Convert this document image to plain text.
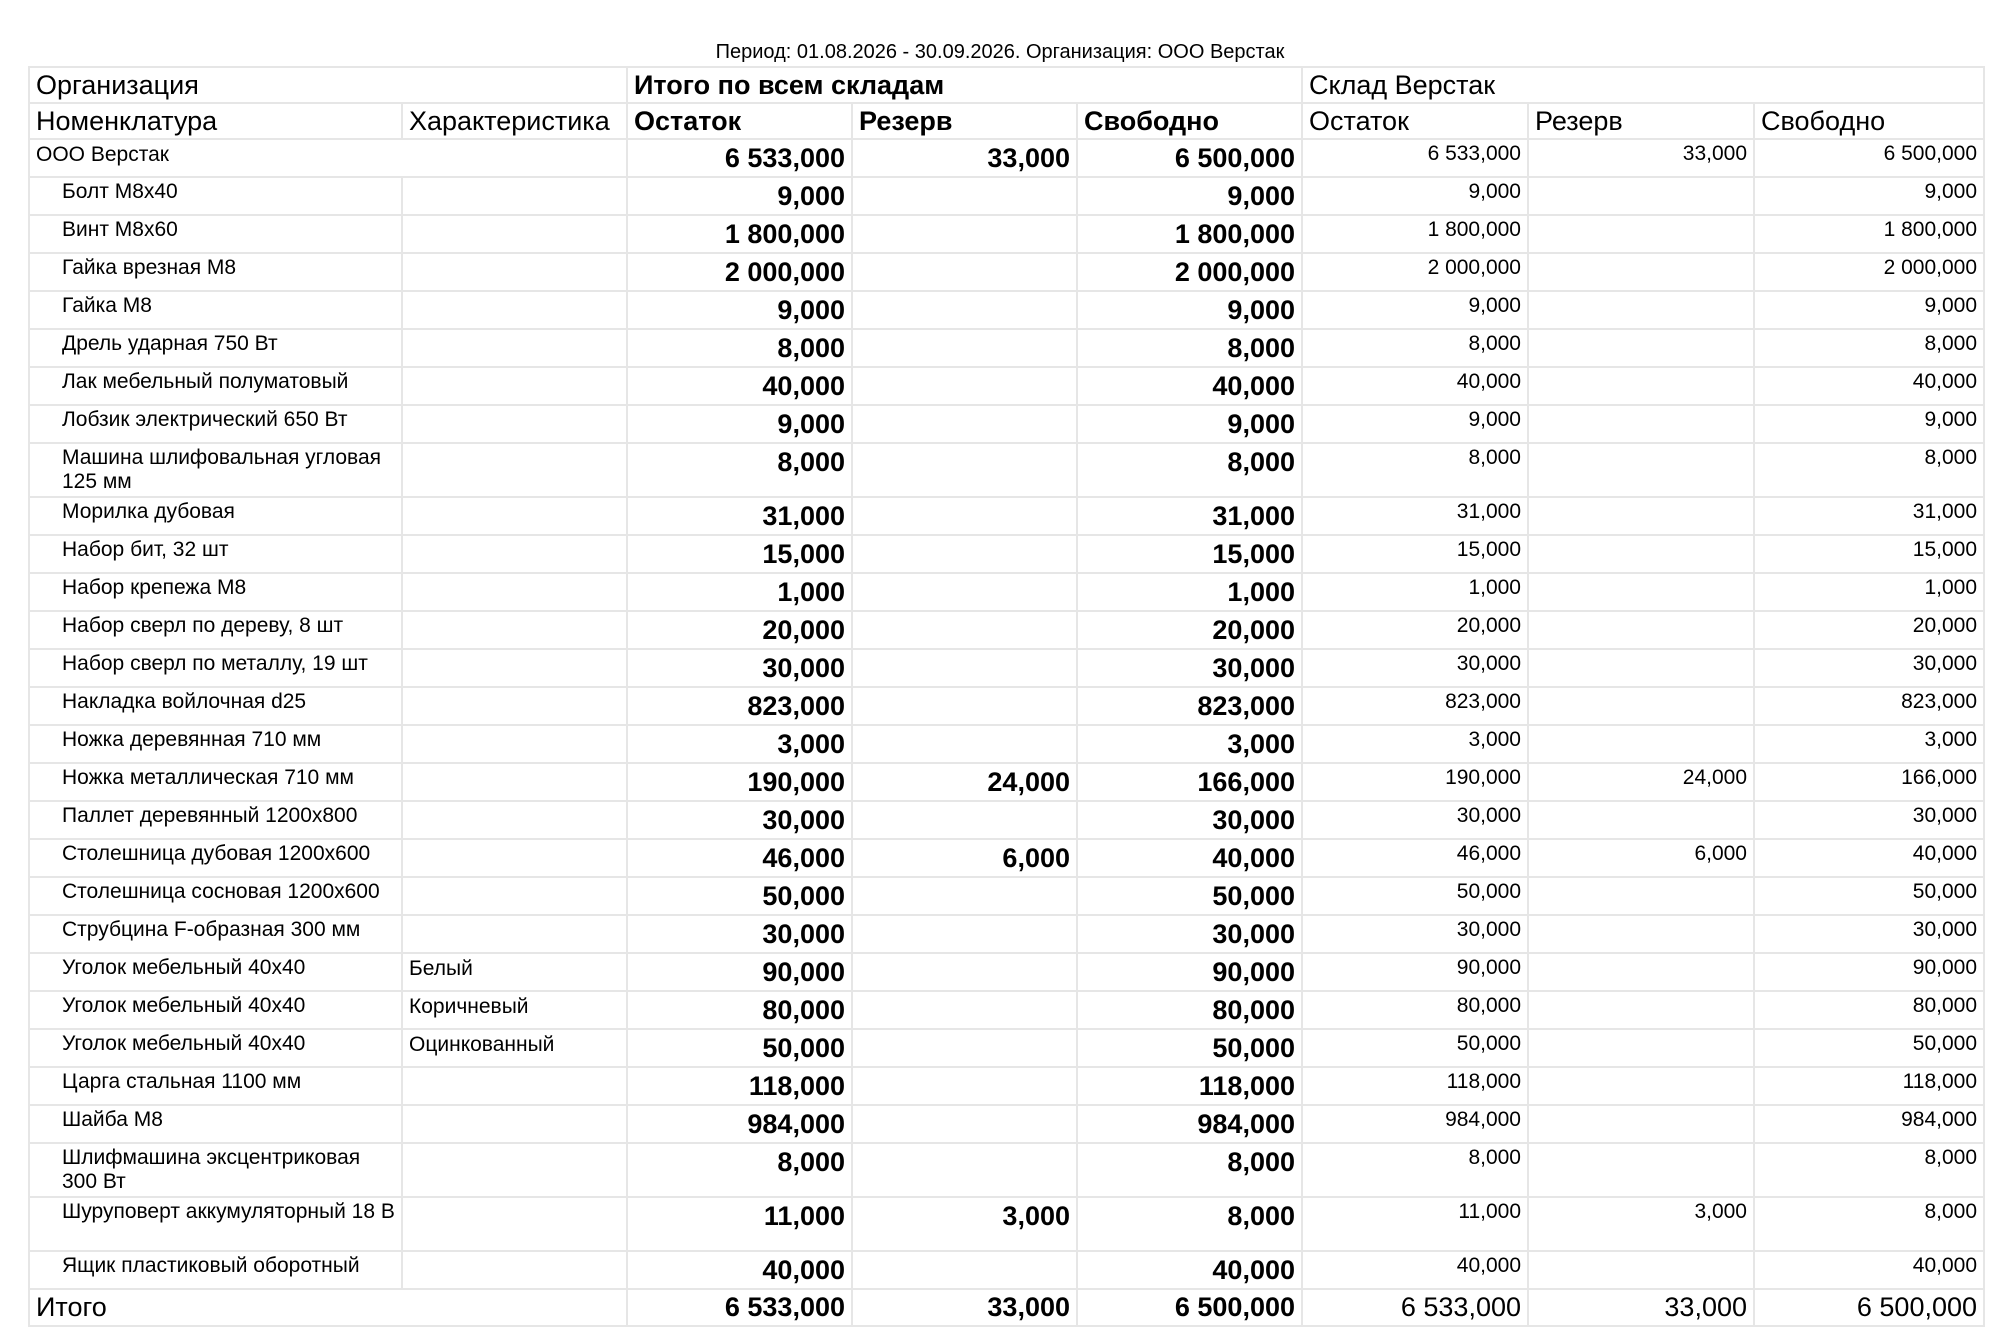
Период: 01.08.2026 - 30.09.2026. Организация: ООО Верстак
Организация		Итого по всем складам			Склад Верстак		
Номенклатура	Характеристика	Остаток	Резерв	Свободно	Остаток	Резерв	Свободно
ООО Верстак		6 533,000	33,000	6 500,000	6 533,000	33,000	6 500,000
Болт М8х40		9,000		9,000	9,000		9,000
Винт М8х60		1 800,000		1 800,000	1 800,000		1 800,000
Гайка врезная М8		2 000,000		2 000,000	2 000,000		2 000,000
Гайка М8		9,000		9,000	9,000		9,000
Дрель ударная 750 Вт		8,000		8,000	8,000		8,000
Лак мебельный полуматовый		40,000		40,000	40,000		40,000
Лобзик электрический 650 Вт		9,000		9,000	9,000		9,000
Машина шлифовальная угловая 125 мм		8,000		8,000	8,000		8,000
Морилка дубовая		31,000		31,000	31,000		31,000
Набор бит, 32 шт		15,000		15,000	15,000		15,000
Набор крепежа М8		1,000		1,000	1,000		1,000
Набор сверл по дереву, 8 шт		20,000		20,000	20,000		20,000
Набор сверл по металлу, 19 шт		30,000		30,000	30,000		30,000
Накладка войлочная d25		823,000		823,000	823,000		823,000
Ножка деревянная 710 мм		3,000		3,000	3,000		3,000
Ножка металлическая 710 мм		190,000	24,000	166,000	190,000	24,000	166,000
Паллет деревянный 1200х800		30,000		30,000	30,000		30,000
Столешница дубовая 1200х600		46,000	6,000	40,000	46,000	6,000	40,000
Столешница сосновая 1200х600		50,000		50,000	50,000		50,000
Струбцина F-образная 300 мм		30,000		30,000	30,000		30,000
Уголок мебельный 40х40	Белый	90,000		90,000	90,000		90,000
Уголок мебельный 40х40	Коричневый	80,000		80,000	80,000		80,000
Уголок мебельный 40х40	Оцинкованный	50,000		50,000	50,000		50,000
Царга стальная 1100 мм		118,000		118,000	118,000		118,000
Шайба М8		984,000		984,000	984,000		984,000
Шлифмашина эксцентриковая 300 Вт		8,000		8,000	8,000		8,000
Шуруповерт аккумуляторный 18 В		11,000	3,000	8,000	11,000	3,000	8,000
Ящик пластиковый оборотный		40,000		40,000	40,000		40,000
Итого		6 533,000	33,000	6 500,000	6 533,000	33,000	6 500,000
